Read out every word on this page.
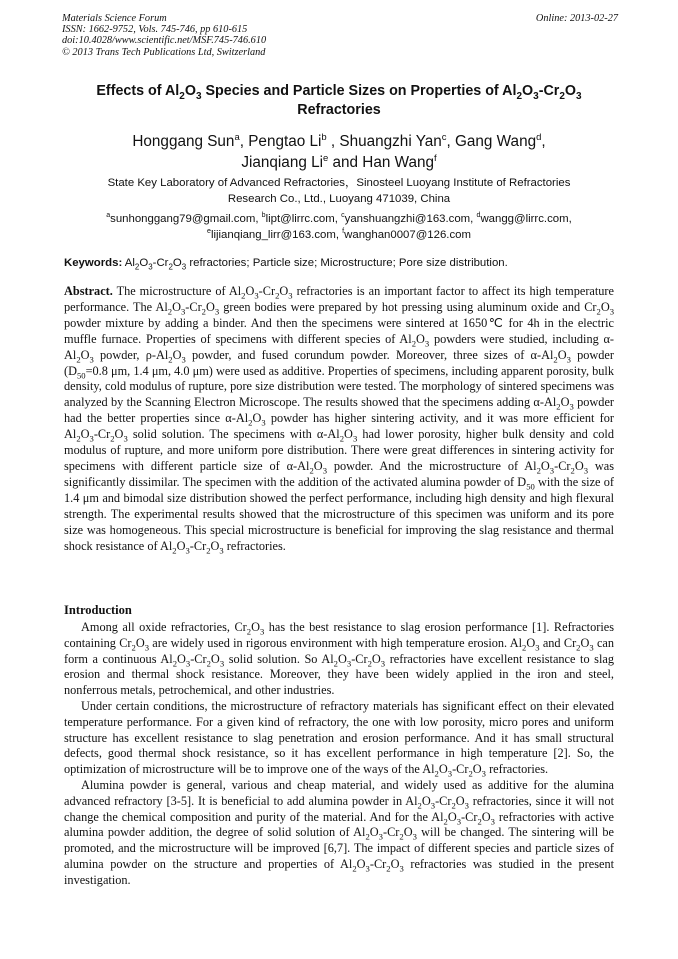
Materials Science Forum
ISSN: 1662-9752, Vols. 745-746, pp 610-615
doi:10.4028/www.scientific.net/MSF.745-746.610
© 2013 Trans Tech Publications Ltd, Switzerland
Online: 2013-02-27
Effects of $Al_2O_3$ Species and Particle Sizes on Properties of $Al_2O_3-Cr_2O_3$
Refractories
Honggang Sun$^a$, Pengtao Li$^b$ , Shuangzhi Yan$^c$, Gang Wang$^d$,
Jianqiang Li$^e$ and Han Wang$^f$
State Key Laboratory of Advanced Refractories，Sinosteel Luoyang Institute of Refractories
Research Co., Ltd., Luoyang 471039, China
$^a$sunhonggang79@gmail.com, $^b$lipt@lirrc.com, $^c$yanshuangzhi@163.com, $^d$wangg@lirrc.com,
$^e$lijianqiang_lirr@163.com, $^f$wanghan0007@126.com
Keywords: $Al_2O_3-Cr_2O_3$ refractories; Particle size; Microstructure; Pore size distribution.
Abstract. The microstructure of $Al_2O_3-Cr_2O_3$ refractories is an important factor to affect its high temperature performance. The $Al_2O_3-Cr_2O_3$ green bodies were prepared by hot pressing using aluminum oxide and $Cr_2O_3$ powder mixture by adding a binder. And then the specimens were sintered at 1650℃ for 4h in the electric muffle furnace. Properties of specimens with different species of $Al_2O_3$ powders were studied, including $\alpha-Al_2O_3$ powder, $\rho-Al_2O_3$ powder, and fused corundum powder. Moreover, three sizes of $\alpha-Al_2O_3$ powder ($D_{50}=0.8$ μm, 1.4 μm, 4.0 μm) were used as additive. Properties of specimens, including apparent porosity, bulk density, cold modulus of rupture, pore size distribution were tested. The morphology of sintered specimens was analyzed by the Scanning Electron Microscope. The results showed that the specimens adding $\alpha-Al_2O_3$ powder had the better properties since $\alpha-Al_2O_3$ powder has higher sintering activity, and it was more efficient for $Al_2O_3-Cr_2O_3$ solid solution. The specimens with $\alpha-Al_2O_3$ had lower porosity, higher bulk density and cold modulus of rupture, and more uniform pore distribution. There were great differences in sintering activity for specimens with different particle size of $\alpha-Al_2O_3$ powder. And the microstructure of $Al_2O_3-Cr_2O_3$ was significantly dissimilar. The specimen with the addition of the activated alumina powder of $D_{50}$ with the size of 1.4 μm and bimodal size distribution showed the perfect performance, including high density and high flexural strength. The experimental results showed that the microstructure of this specimen was uniform and its pore size was homogeneous. This special microstructure is beneficial for improving the slag resistance and thermal shock resistance of $Al_2O_3-Cr_2O_3$ refractories.
Introduction

Among all oxide refractories, $Cr_2O_3$ has the best resistance to slag erosion performance [1]. Refractories containing $Cr_2O_3$ are widely used in rigorous environment with high temperature erosion. $Al_2O_3$ and $Cr_2O_3$ can form a continuous $Al_2O_3-Cr_2O_3$ solid solution. So $Al_2O_3-Cr_2O_3$ refractories have excellent resistance to slag erosion and thermal shock resistance. Moreover, they have been widely applied in the iron and steel, nonferrous metals, petrochemical, and other industries.

Under certain conditions, the microstructure of refractory materials has significant effect on their elevated temperature performance. For a given kind of refractory, the one with low porosity, micro pores and uniform structure has excellent resistance to slag penetration and erosion performance. And it has small structural defects, good thermal shock resistance, so it has excellent performance in high temperature [2]. So, the optimization of microstructure will be to improve one of the ways of the $Al_2O_3-Cr_2O_3$ refractories.

Alumina powder is general, various and cheap material, and widely used as additive for the alumina advanced refractory [3-5]. It is beneficial to add alumina powder in $Al_2O_3-Cr_2O_3$ refractories, since it will not change the chemical composition and purity of the material. And for the $Al_2O_3-Cr_2O_3$ refractories with active alumina powder addition, the degree of solid solution of $Al_2O_3-Cr_2O_3$ will be changed. The sintering will be promoted, and the microstructure will be improved [6,7]. The impact of different species and particle sizes of alumina powder on the structure and properties of $Al_2O_3-Cr_2O_3$ refractories was studied in the present investigation.
